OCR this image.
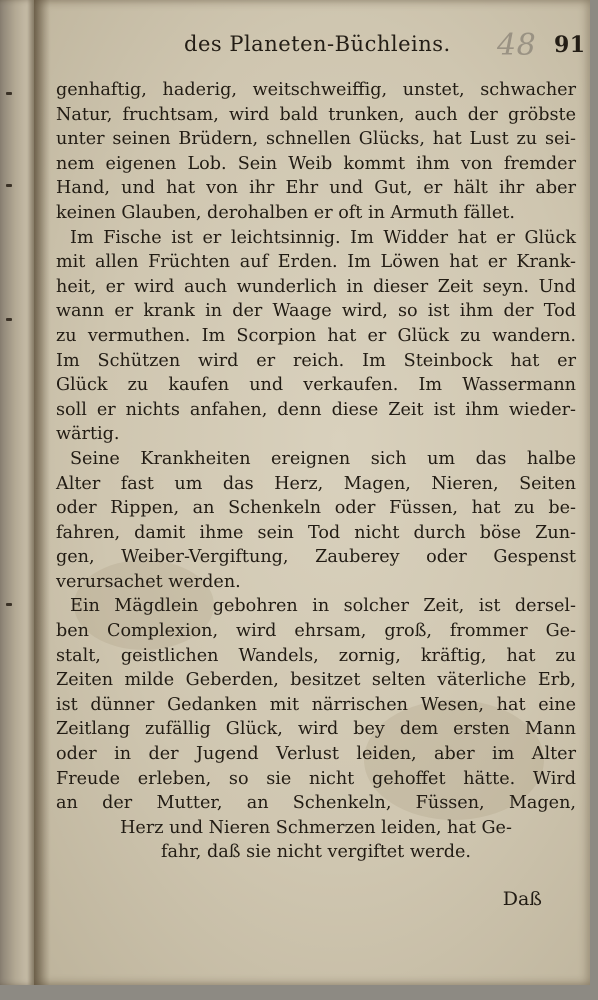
des Planeten-Büchleins. 48 91
genhaftig, haderig, weitschweiffig, unstet, schwacher
Natur, fruchtsam, wird bald trunken, auch der gröbste
unter seinen Brüdern, schnellen Glücks, hat Lust zu sei-
nem eigenen Lob. Sein Weib kommt ihm von fremder
Hand, und hat von ihr Ehr und Gut, er hält ihr aber
keinen Glauben, derohalben er oft in Armuth fället.
Im Fische ist er leichtsinnig. Im Widder hat er Glück
mit allen Früchten auf Erden. Im Löwen hat er Krank-
heit, er wird auch wunderlich in dieser Zeit seyn. Und
wann er krank in der Waage wird, so ist ihm der Tod
zu vermuthen. Im Scorpion hat er Glück zu wandern.
Im Schützen wird er reich. Im Steinbock hat er
Glück zu kaufen und verkaufen. Im Wassermann
soll er nichts anfahen, denn diese Zeit ist ihm wieder-
wärtig.
Seine Krankheiten ereignen sich um das halbe
Alter fast um das Herz, Magen, Nieren, Seiten
oder Rippen, an Schenkeln oder Füssen, hat zu be-
fahren, damit ihme sein Tod nicht durch böse Zun-
gen, Weiber-Vergiftung, Zauberey oder Gespenst
verursachet werden.
Ein Mägdlein gebohren in solcher Zeit, ist dersel-
ben Complexion, wird ehrsam, groß, frommer Ge-
stalt, geistlichen Wandels, zornig, kräftig, hat zu
Zeiten milde Geberden, besitzet selten väterliche Erb,
ist dünner Gedanken mit närrischen Wesen, hat eine
Zeitlang zufällig Glück, wird bey dem ersten Mann
oder in der Jugend Verlust leiden, aber im Alter
Freude erleben, so sie nicht gehoffet hätte. Wird
an der Mutter, an Schenkeln, Füssen, Magen,
Herz und Nieren Schmerzen leiden, hat Ge-
fahr, daß sie nicht vergiftet werde.
Daß
